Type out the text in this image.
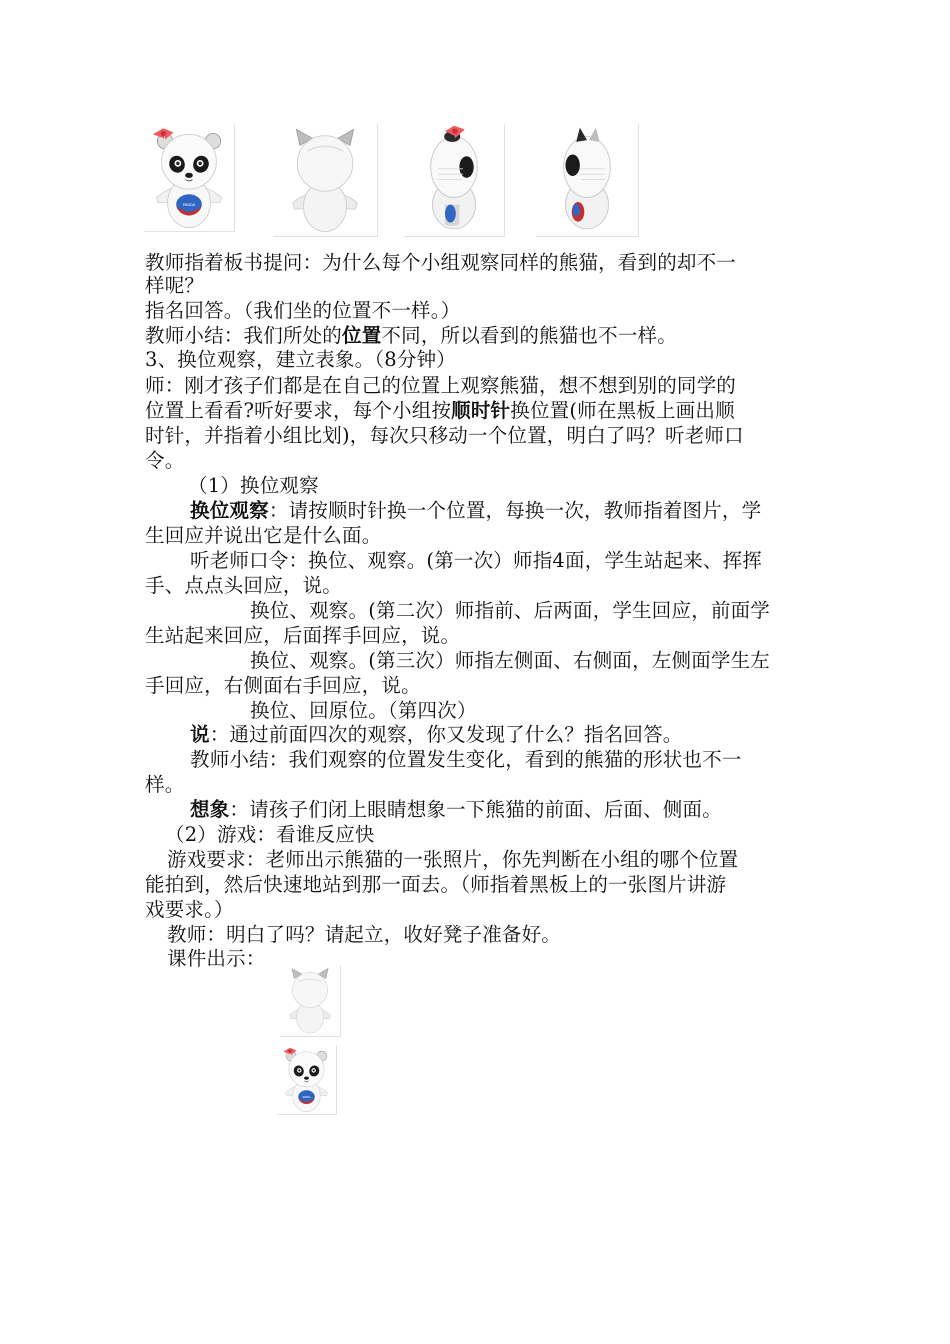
教师指着板书提问：为什么每个小组观察同样的熊猫，看到的却不一
样呢？
指名回答。（我们坐的位置不一样。）
教师小结：我们所处的位置不同，所以看到的熊猫也不一样。
3、换位观察，建立表象。（8分钟）
师：刚才孩子们都是在自己的位置上观察熊猫，想不想到别的同学的
位置上看看?听好要求，每个小组按顺时针换位置(师在黑板上画出顺
时针，并指着小组比划)，每次只移动一个位置，明白了吗？听老师口
令。
（1）换位观察
换位观察：请按顺时针换一个位置，每换一次，教师指着图片，学
生回应并说出它是什么面。
听老师口令：换位、观察。(第一次）师指4面，学生站起来、挥挥
手、点点头回应，说。
换位、观察。(第二次）师指前、后两面，学生回应，前面学
生站起来回应，后面挥手回应，说。
换位、观察。(第三次）师指左侧面、右侧面，左侧面学生左
手回应，右侧面右手回应，说。
换位、回原位。（第四次）
说：通过前面四次的观察，你又发现了什么？指名回答。
教师小结：我们观察的位置发生变化，看到的熊猫的形状也不一
样。
想象：请孩子们闭上眼睛想象一下熊猫的前面、后面、侧面。
（2）游戏：看谁反应快
游戏要求：老师出示熊猫的一张照片，你先判断在小组的哪个位置
能拍到，然后快速地站到那一面去。（师指着黑板上的一张图片讲游
戏要求。）
教师：明白了吗？请起立，收好凳子准备好。
课件出示：
